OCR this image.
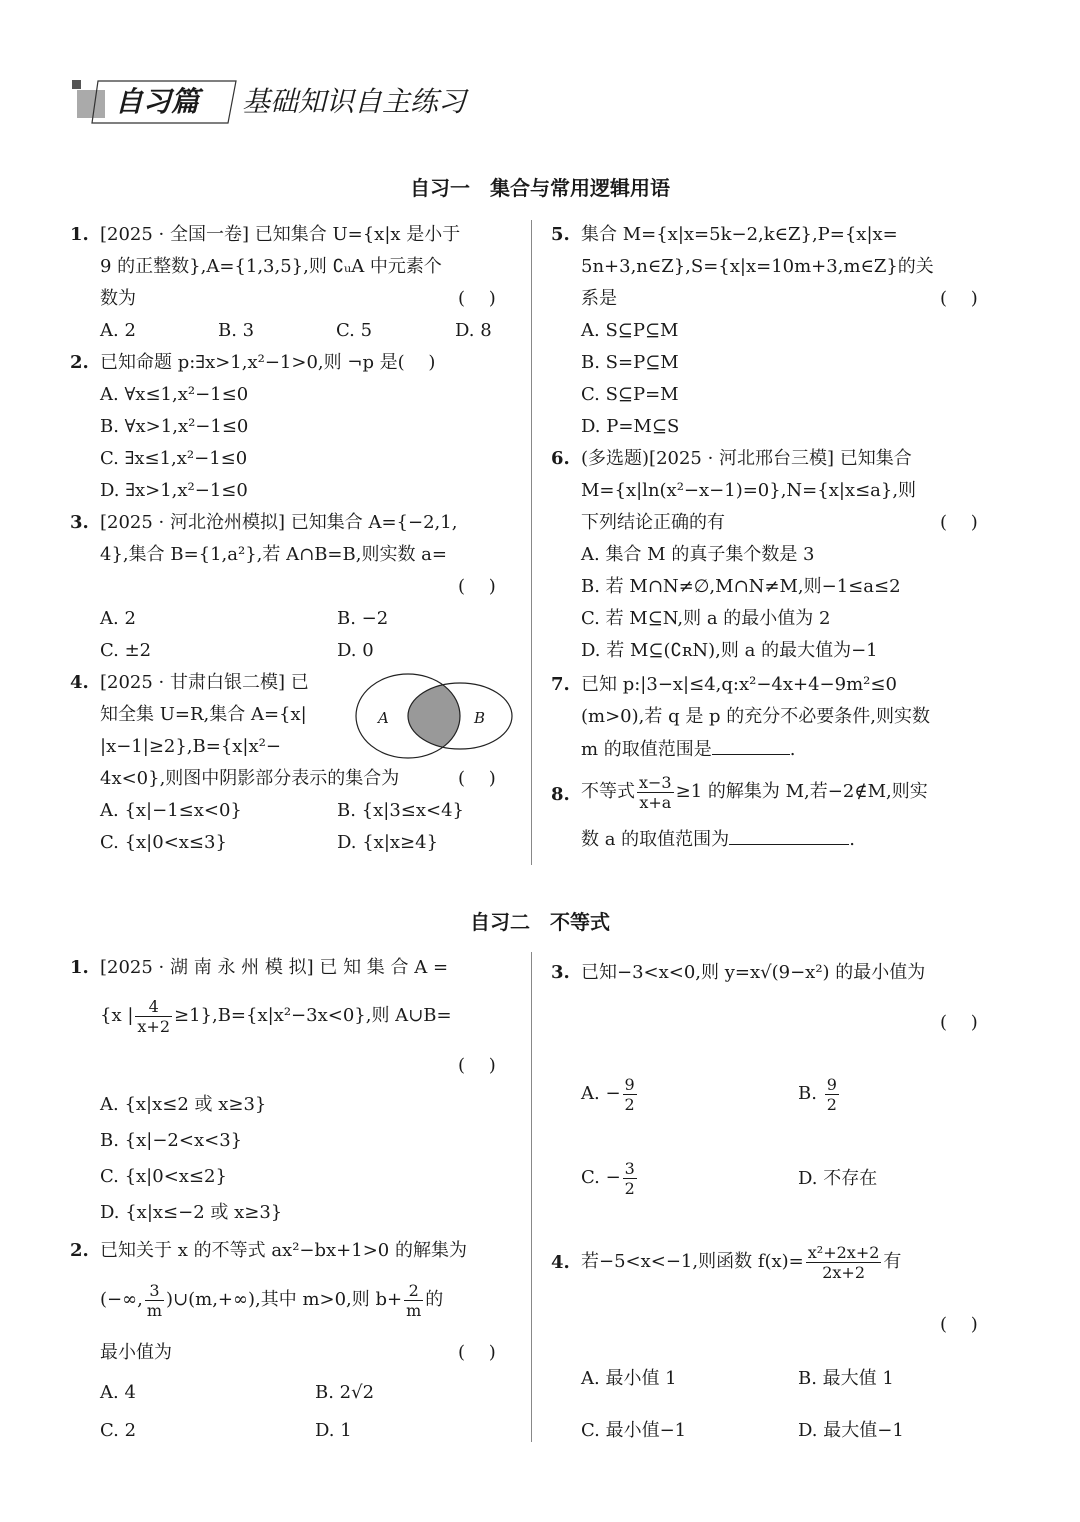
自习篇 基础知识自主练习
自习一　集合与常用逻辑用语
1. [2025 · 全国一卷] 已知集合 U={x|x 是小于
9 的正整数},A={1,3,5},则 ∁ᵤA 中元素个
数为	(　 )
A. 2	B. 3	C. 5	D. 8
2. 已知命题 p:∃x>1,x²−1>0,则 ¬p 是(　 )
A. ∀x≤1,x²−1≤0
B. ∀x>1,x²−1≤0
C. ∃x≤1,x²−1≤0
D. ∃x>1,x²−1≤0
3. [2025 · 河北沧州模拟] 已知集合 A={−2,1,
4},集合 B={1,a²},若 A∩B=B,则实数 a=
(　 )
A. 2	B. −2
C. ±2	D. 0
4. [2025 · 甘肃白银二模] 已
知全集 U=R,集合 A={x|
|x−1|≥2},B={x|x²−
4x<0},则图中阴影部分表示的集合为	(　 )
A	B
A. {x|−1≤x<0}	B. {x|3≤x<4}
C. {x|0<x≤3}	D. {x|x≥4}
5. 集合 M={x|x=5k−2,k∈Z},P={x|x=
5n+3,n∈Z},S={x|x=10m+3,m∈Z}的关
系是	(　 )
A. S⊆P⊆M
B. S=P⊆M
C. S⊆P=M
D. P=M⊆S
6. (多选题)[2025 · 河北邢台三模] 已知集合
M={x|ln(x²−x−1)=0},N={x|x≤a},则
下列结论正确的有	(　 )
A. 集合 M 的真子集个数是 3
B. 若 M∩N≠∅,M∩N≠M,则−1≤a≤2
C. 若 M⊆N,则 a 的最小值为 2
D. 若 M⊆(∁ʀN),则 a 的最大值为−1
7. 已知 p:|3−x|≤4,q:x²−4x+4−9m²≤0
(m>0),若 q 是 p 的充分不必要条件,则实数
m 的取值范围是	.
8. 不等式 $\frac{x-3}{x+a} \ge 1$ 的解集为 M,若−2∉M,则实
数 a 的取值范围为	.
自习二　不等式
1. [2025 · 湖 南 永 州 模 拟] 已 知 集 合 A =
{x | $\frac{4}{x+2} \ge 1\},B=\{x|x^2-3x<0\}$,则 A∪B=
(　 )
A. {x|x≤2 或 x≥3}
B. {x|−2<x<3}
C. {x|0<x≤2}
D. {x|x≤−2 或 x≥3}
2. 已知关于 x 的不等式 ax²−bx+1>0 的解集为
(−∞, $\frac{3}{m}$ )∪(m,+∞),其中 m>0,则 $b+ \frac{2}{m}$ 的
最小值为	(　 )
A. 4	B. 2√2
C. 2	D. 1
3. 已知−3<x<0,则 y=x√(9−x²) 的最小值为
(　 )
A. − $\frac{9}{2}$	B. $\frac{9}{2}$
C. − $\frac{3}{2}$	D. 不存在
4. 若−5<x<−1,则函数 $f(x)= \frac{\text{x²+2x+2}}{2x+2}$ 有
(　 )
A. 最小值 1	B. 最大值 1
C. 最小值−1	D. 最大值−1
